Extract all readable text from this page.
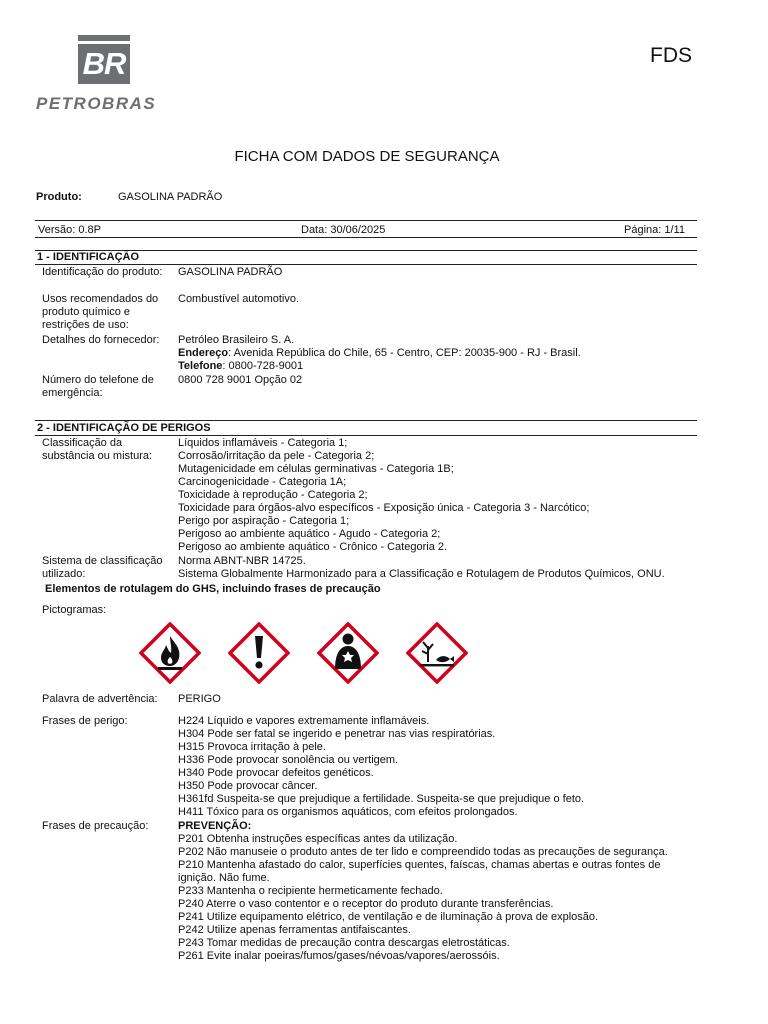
BR
PETROBRAS
FDS
FICHA COM DADOS DE SEGURANÇA
Produto:	GASOLINA PADRÃO
Versão: 0.8P	Data: 30/06/2025	Página: 1/11
1 - IDENTIFICAÇÃO
Identificação do produto:	GASOLINA PADRÃO
Usos recomendados do produto químico e restrições de uso:
Combustível automotivo.
Detalhes do fornecedor:	Petróleo Brasileiro S. A.
Endereço: Avenida República do Chile, 65 - Centro, CEP: 20035-900 - RJ - Brasil.
Telefone: 0800-728-9001
Número do telefone de emergência:
0800 728 9001 Opção 02
2 - IDENTIFICAÇÃO DE PERIGOS
Classificação da substância ou mistura:
Líquidos inflamáveis - Categoria 1;
Corrosão/irritação da pele - Categoria 2;
Mutagenicidade em células germinativas - Categoria 1B;
Carcinogenicidade - Categoria 1A;
Toxicidade à reprodução - Categoria 2;
Toxicidade para órgãos-alvo específicos - Exposição única - Categoria 3 - Narcótico;
Perigo por aspiração - Categoria 1;
Perigoso ao ambiente aquático - Agudo - Categoria 2;
Perigoso ao ambiente aquático - Crônico - Categoria 2.
Sistema de classificação utilizado:
Norma ABNT-NBR 14725.
Sistema Globalmente Harmonizado para a Classificação e Rotulagem de Produtos Químicos, ONU.
Elementos de rotulagem do GHS, incluindo frases de precaução
Pictogramas:
Palavra de advertência:	PERIGO
Frases de perigo:	H224 Líquido e vapores extremamente inflamáveis.
H304 Pode ser fatal se ingerido e penetrar nas vias respiratórias.
H315 Provoca irritação à pele.
H336 Pode provocar sonolência ou vertigem.
H340 Pode provocar defeitos genéticos.
H350 Pode provocar câncer.
H361fd Suspeita-se que prejudique a fertilidade. Suspeita-se que prejudique o feto.
H411 Tóxico para os organismos aquáticos, com efeitos prolongados.
Frases de precaução:	PREVENÇÃO:
P201 Obtenha instruções específicas antes da utilização.
P202 Não manuseie o produto antes de ter lido e compreendido todas as precauções de segurança.
P210 Mantenha afastado do calor, superfícies quentes, faíscas, chamas abertas e outras fontes de
ignição. Não fume.
P233 Mantenha o recipiente hermeticamente fechado.
P240 Aterre o vaso contentor e o receptor do produto durante transferências.
P241 Utilize equipamento elétrico, de ventilação e de iluminação à prova de explosão.
P242 Utilize apenas ferramentas antifaiscantes.
P243 Tomar medidas de precaução contra descargas eletrostáticas.
P261 Evite inalar poeiras/fumos/gases/névoas/vapores/aerossóis.
